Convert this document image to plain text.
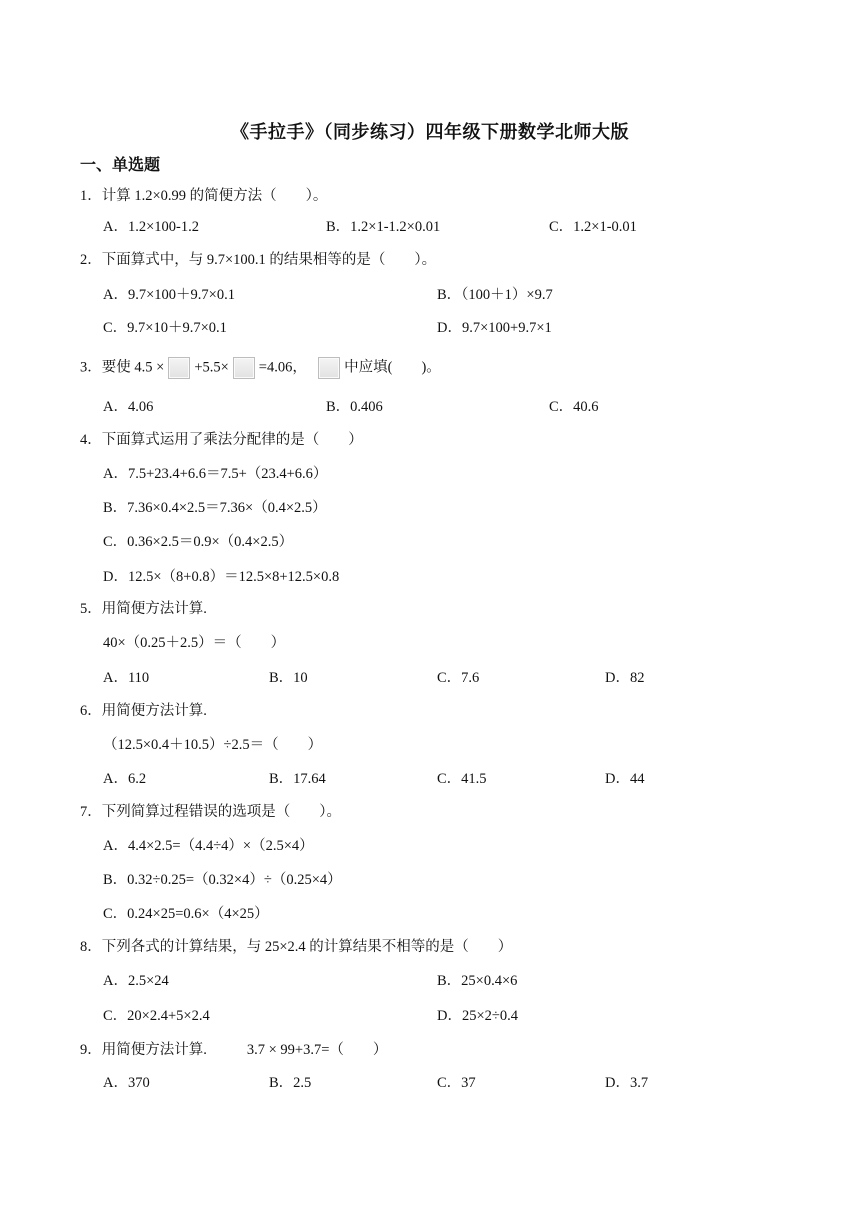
《手拉手》（同步练习）四年级下册数学北师大版
一、单选题
1．计算 1.2×0.99 的简便方法（　　）。
A．1.2×100-1.2	B．1.2×1-1.2×0.01	C．1.2×1-0.01
2．下面算式中，与 9.7×100.1 的结果相等的是（　　）。
A．9.7×100＋9.7×0.1	B．（100＋1）×9.7
C．9.7×10＋9.7×0.1	D．9.7×100+9.7×1
3．要使 4.5 × +5.5× =4.06，	中应填(　　)。
A．4.06	B．0.406	C．40.6
4．下面算式运用了乘法分配律的是（　　）
A．7.5+23.4+6.6＝7.5+（23.4+6.6）
B．7.36×0.4×2.5＝7.36×（0.4×2.5）
C．0.36×2.5＝0.9×（0.4×2.5）
D．12.5×（8+0.8）＝12.5×8+12.5×0.8
5．用简便方法计算.
40×（0.25＋2.5）＝（　　）
A．110	B．10	C．7.6	D．82
6．用简便方法计算.
（12.5×0.4＋10.5）÷2.5＝（　　）
A．6.2	B．17.64	C．41.5	D．44
7．下列简算过程错误的选项是（　　）。
A．4.4×2.5=（4.4÷4）×（2.5×4）
B．0.32÷0.25=（0.32×4）÷（0.25×4）
C．0.24×25=0.6×（4×25）
8．下列各式的计算结果，与 25×2.4 的计算结果不相等的是（　　）
A．2.5×24	B．25×0.4×6
C．20×2.4+5×2.4	D．25×2÷0.4
9．用简便方法计算.	3.7 × 99+3.7=（　　）
A．370	B．2.5	C．37	D．3.7
